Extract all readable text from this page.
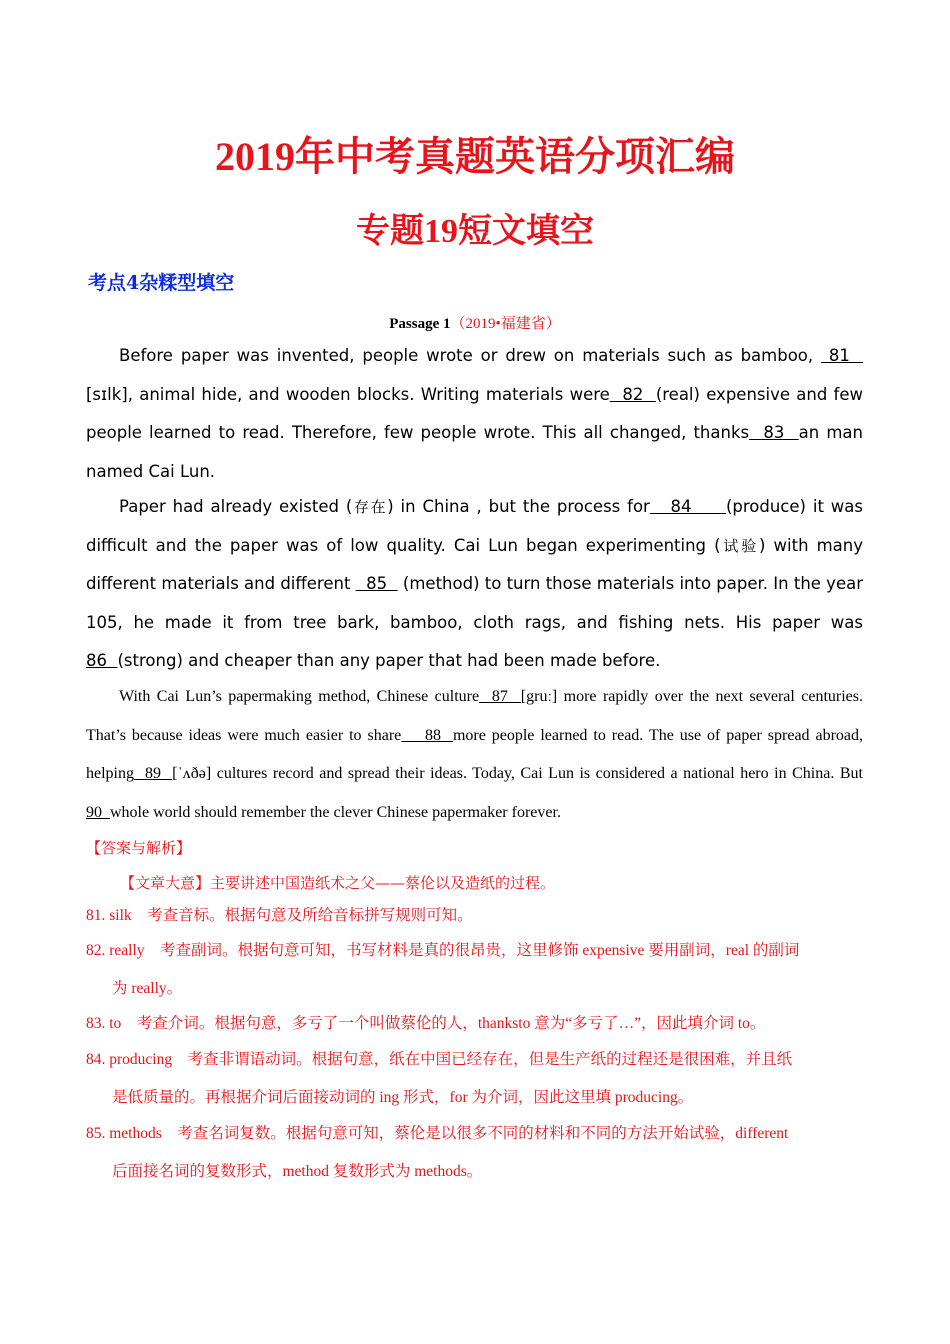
2019年中考真题英语分项汇编
专题19短文填空
考点4杂糅型填空
Passage 1（2019•福建省）
Before paper was invented, people wrote or drew on materials such as bamboo,  81   [sɪlk], animal hide, and wooden blocks. Writing materials were  82  (real) expensive and few people learned to read. Therefore, few people wrote. This all changed, thanks  83  an man named Cai Lun.
Paper had already existed (存在) in China , but the process for   84     (produce) it was difficult and the paper was of low quality. Cai Lun began experimenting (试验) with many different materials and different   85   (method) to turn those materials into paper. In the year 105, he made it from tree bark, bamboo, cloth rags, and fishing nets. His paper was 86  (strong) and cheaper than any paper that had been made before.
With Cai Lun’s papermaking method, Chinese culture  87  [gruː] more rapidly over the next several centuries. That’s because ideas were much easier to share    88  more people learned to read. The use of paper spread abroad, helping  89  [ˈʌðə] cultures record and spread their ideas. Today, Cai Lun is considered a national hero in China. But 90  whole world should remember the clever Chinese papermaker forever.
【答案与解析】
【文章大意】主要讲述中国造纸术之父——蔡伦以及造纸的过程。
81. silk　考查音标。根据句意及所给音标拼写规则可知。
82. really　考查副词。根据句意可知，书写材料是真的很昂贵，这里修饰 expensive 要用副词，real 的副词
为 really。
83. to　考查介词。根据句意，多亏了一个叫做蔡伦的人，thanksto 意为“多亏了…”，因此填介词 to。
84. producing　考查非谓语动词。根据句意，纸在中国已经存在，但是生产纸的过程还是很困难，并且纸
是低质量的。再根据介词后面接动词的 ing 形式，for 为介词，因此这里填 producing。
85. methods　考查名词复数。根据句意可知，蔡伦是以很多不同的材料和不同的方法开始试验，different
后面接名词的复数形式，method 复数形式为 methods。
